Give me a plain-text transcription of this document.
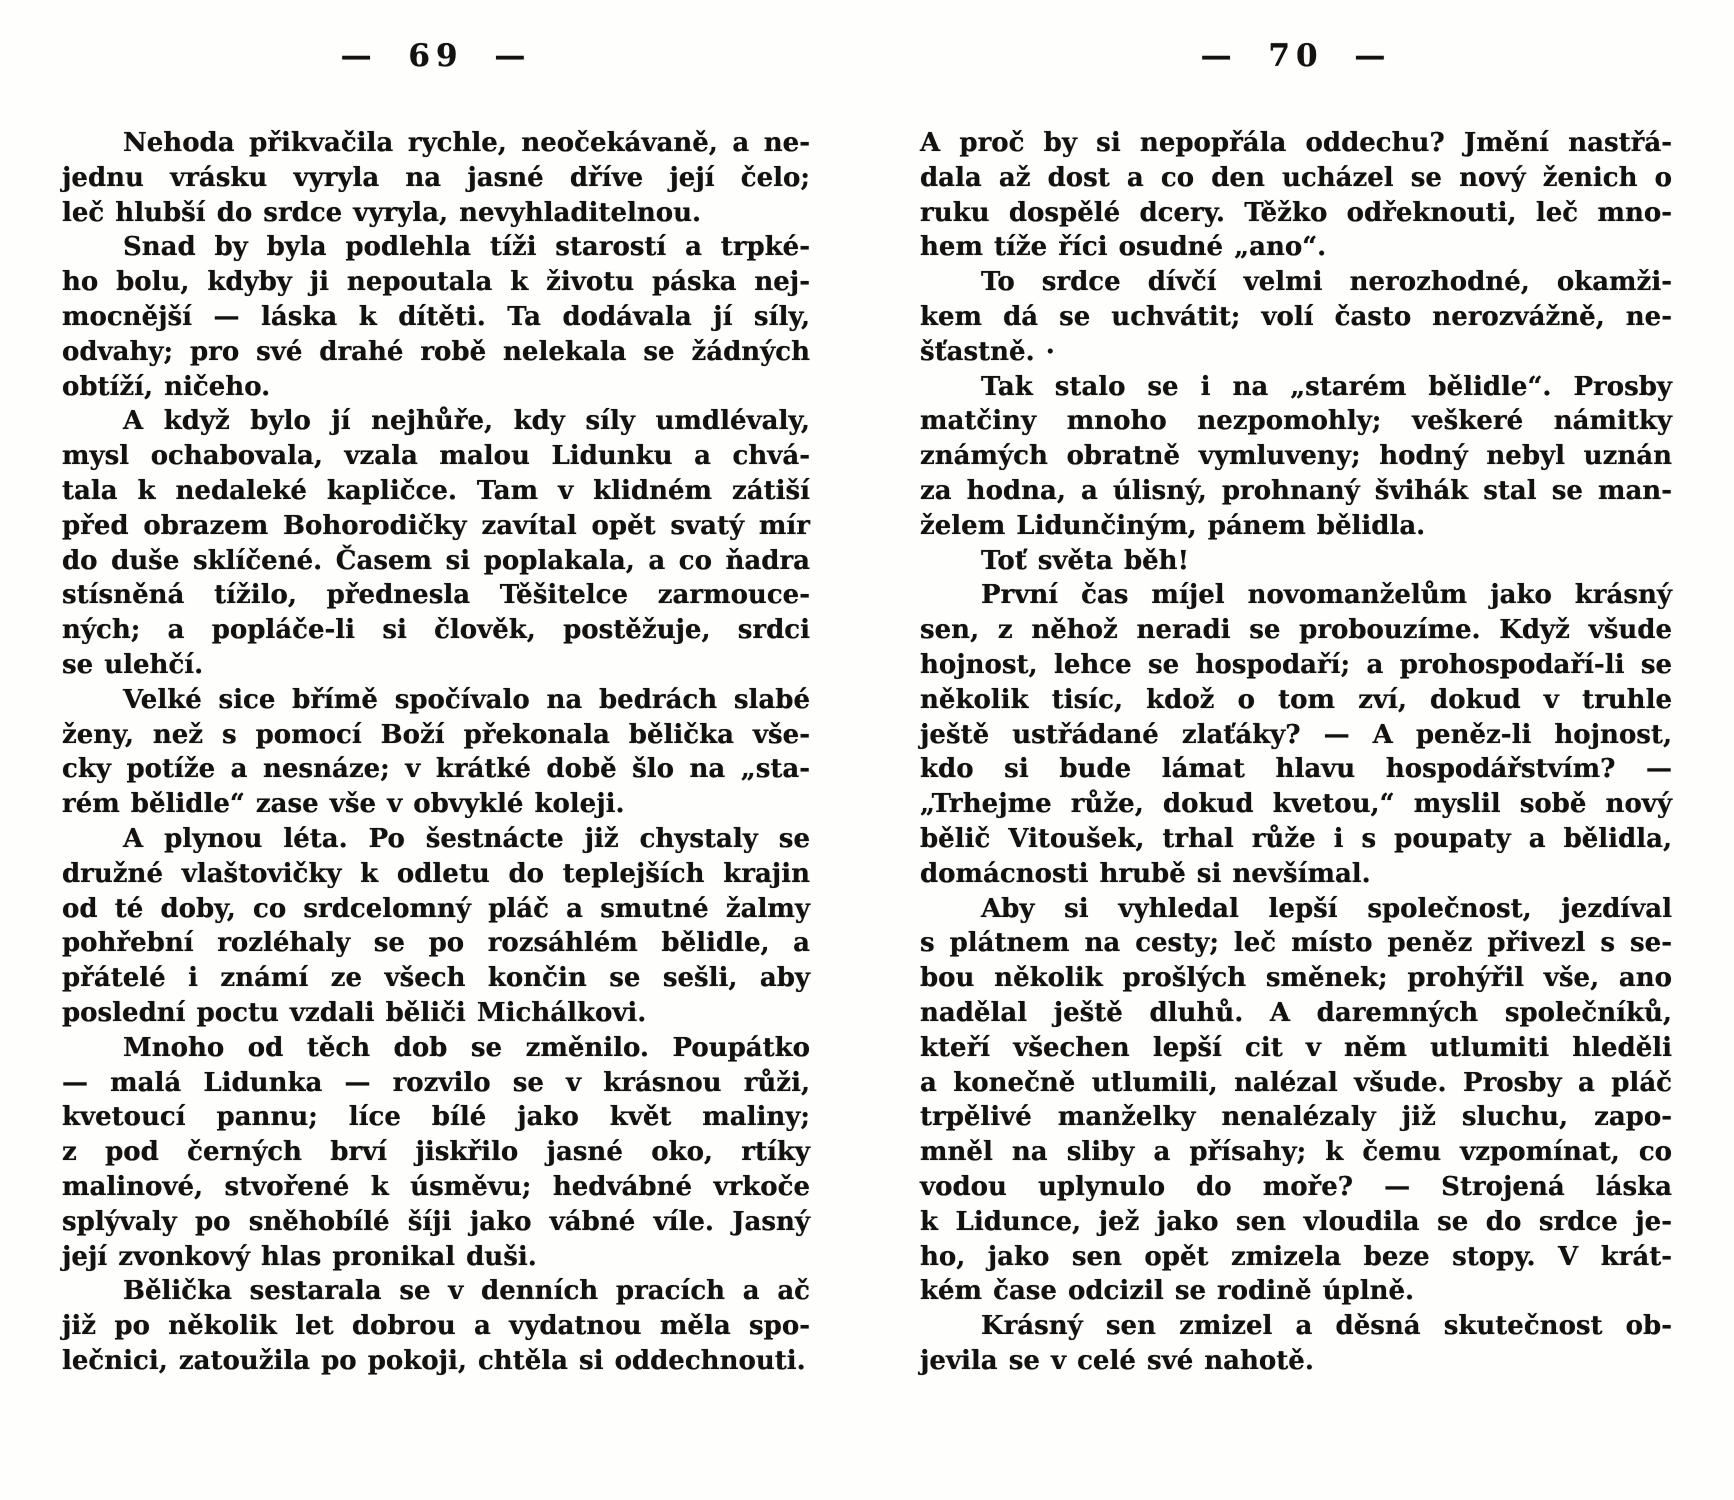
— 69 —
Nehoda přikvačila rychle, neočekávaně, a ne-
jednu vrásku vyryla na jasné dříve její čelo;
leč hlubší do srdce vyryla, nevyhladitelnou.
Snad by byla podlehla tíži starostí a trpké-
ho bolu, kdyby ji nepoutala k životu páska nej-
mocnější — láska k dítěti. Ta dodávala jí síly,
odvahy; pro své drahé robě nelekala se žádných
obtíží, ničeho.
A když bylo jí nejhůře, kdy síly umdlévaly,
mysl ochabovala, vzala malou Lidunku a chvá-
tala k nedaleké kapličce. Tam v klidném zátiší
před obrazem Bohorodičky zavítal opět svatý mír
do duše sklíčené. Časem si poplakala, a co ňadra
stísněná tížilo, přednesla Těšitelce zarmouce-
ných; a popláče-li si člověk, postěžuje, srdci
se ulehčí.
Velké sice břímě spočívalo na bedrách slabé
ženy, než s pomocí Boží překonala bělička vše-
cky potíže a nesnáze; v krátké době šlo na „sta-
rém bělidle“ zase vše v obvyklé koleji.
A plynou léta. Po šestnácte již chystaly se
družné vlaštovičky k odletu do teplejších krajin
od té doby, co srdcelomný pláč a smutné žalmy
pohřební rozléhaly se po rozsáhlém bělidle, a
přátelé i známí ze všech končin se sešli, aby
poslední poctu vzdali běliči Michálkovi.
Mnoho od těch dob se změnilo. Poupátko
— malá Lidunka — rozvilo se v krásnou růži,
kvetoucí pannu; líce bílé jako květ maliny;
z pod černých brví jiskřilo jasné oko, rtíky
malinové, stvořené k úsměvu; hedvábné vrkoče
splývaly po sněhobílé šíji jako vábné víle. Jasný
její zvonkový hlas pronikal duši.
Bělička sestarala se v denních pracích a ač
již po několik let dobrou a vydatnou měla spo-
lečnici, zatoužila po pokoji, chtěla si oddechnouti.
— 70 —
A proč by si nepopřála oddechu? Jmění nastřá-
dala až dost a co den ucházel se nový ženich o
ruku dospělé dcery. Těžko odřeknouti, leč mno-
hem tíže říci osudné „ano“.
To srdce dívčí velmi nerozhodné, okamži-
kem dá se uchvátit; volí často nerozvážně, ne-
šťastně. ·
Tak stalo se i na „starém bělidle“. Prosby
matčiny mnoho nezpomohly; veškeré námitky
známých obratně vymluveny; hodný nebyl uznán
za hodna, a úlisný, prohnaný švihák stal se man-
želem Lidunčiným, pánem bělidla.
Toť světa běh!
První čas míjel novomanželům jako krásný
sen, z něhož neradi se probouzíme. Když všude
hojnost, lehce se hospodaří; a prohospodaří-li se
několik tisíc, kdož o tom zví, dokud v truhle
ještě ustřádané zlaťáky? — A peněz-li hojnost,
kdo si bude lámat hlavu hospodářstvím? —
„Trhejme růže, dokud kvetou,“ myslil sobě nový
bělič Vitoušek, trhal růže i s poupaty a bělidla,
domácnosti hrubě si nevšímal.
Aby si vyhledal lepší společnost, jezdíval
s plátnem na cesty; leč místo peněz přivezl s se-
bou několik prošlých směnek; prohýřil vše, ano
nadělal ještě dluhů. A daremných společníků,
kteří všechen lepší cit v něm utlumiti hleděli
a konečně utlumili, nalézal všude. Prosby a pláč
trpělivé manželky nenalézaly již sluchu, zapo-
mněl na sliby a přísahy; k čemu vzpomínat, co
vodou uplynulo do moře? — Strojená láska
k Lidunce, jež jako sen vloudila se do srdce je-
ho, jako sen opět zmizela beze stopy. V krát-
kém čase odcizil se rodině úplně.
Krásný sen zmizel a děsná skutečnost ob-
jevila se v celé své nahotě.
